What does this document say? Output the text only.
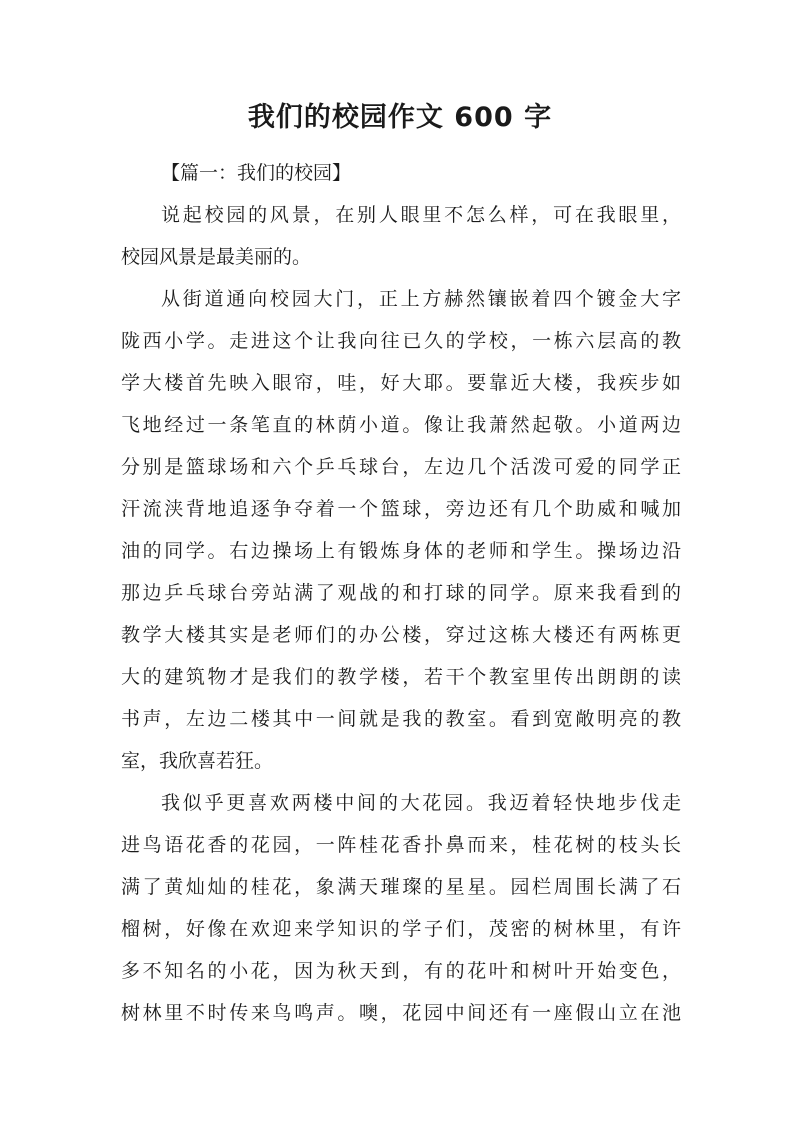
我们的校园作文 600 字

【篇一：我们的校园】

说起校园的风景，在别人眼里不怎么样，可在我眼里，
校园风景是最美丽的。
从街道通向校园大门，正上方赫然镶嵌着四个镀金大字
陇西小学。走进这个让我向往已久的学校，一栋六层高的教
学大楼首先映入眼帘，哇，好大耶。要靠近大楼，我疾步如
飞地经过一条笔直的林荫小道。像让我萧然起敬。小道两边
分别是篮球场和六个乒乓球台，左边几个活泼可爱的同学正
汗流浃背地追逐争夺着一个篮球，旁边还有几个助威和喊加
油的同学。右边操场上有锻炼身体的老师和学生。操场边沿
那边乒乓球台旁站满了观战的和打球的同学。原来我看到的
教学大楼其实是老师们的办公楼，穿过这栋大楼还有两栋更
大的建筑物才是我们的教学楼，若干个教室里传出朗朗的读
书声，左边二楼其中一间就是我的教室。看到宽敞明亮的教
室，我欣喜若狂。
我似乎更喜欢两楼中间的大花园。我迈着轻快地步伐走
进鸟语花香的花园，一阵桂花香扑鼻而来，桂花树的枝头长
满了黄灿灿的桂花，象满天璀璨的星星。园栏周围长满了石
榴树，好像在欢迎来学知识的学子们，茂密的树林里，有许
多不知名的小花，因为秋天到，有的花叶和树叶开始变色，
树林里不时传来鸟鸣声。噢，花园中间还有一座假山立在池
